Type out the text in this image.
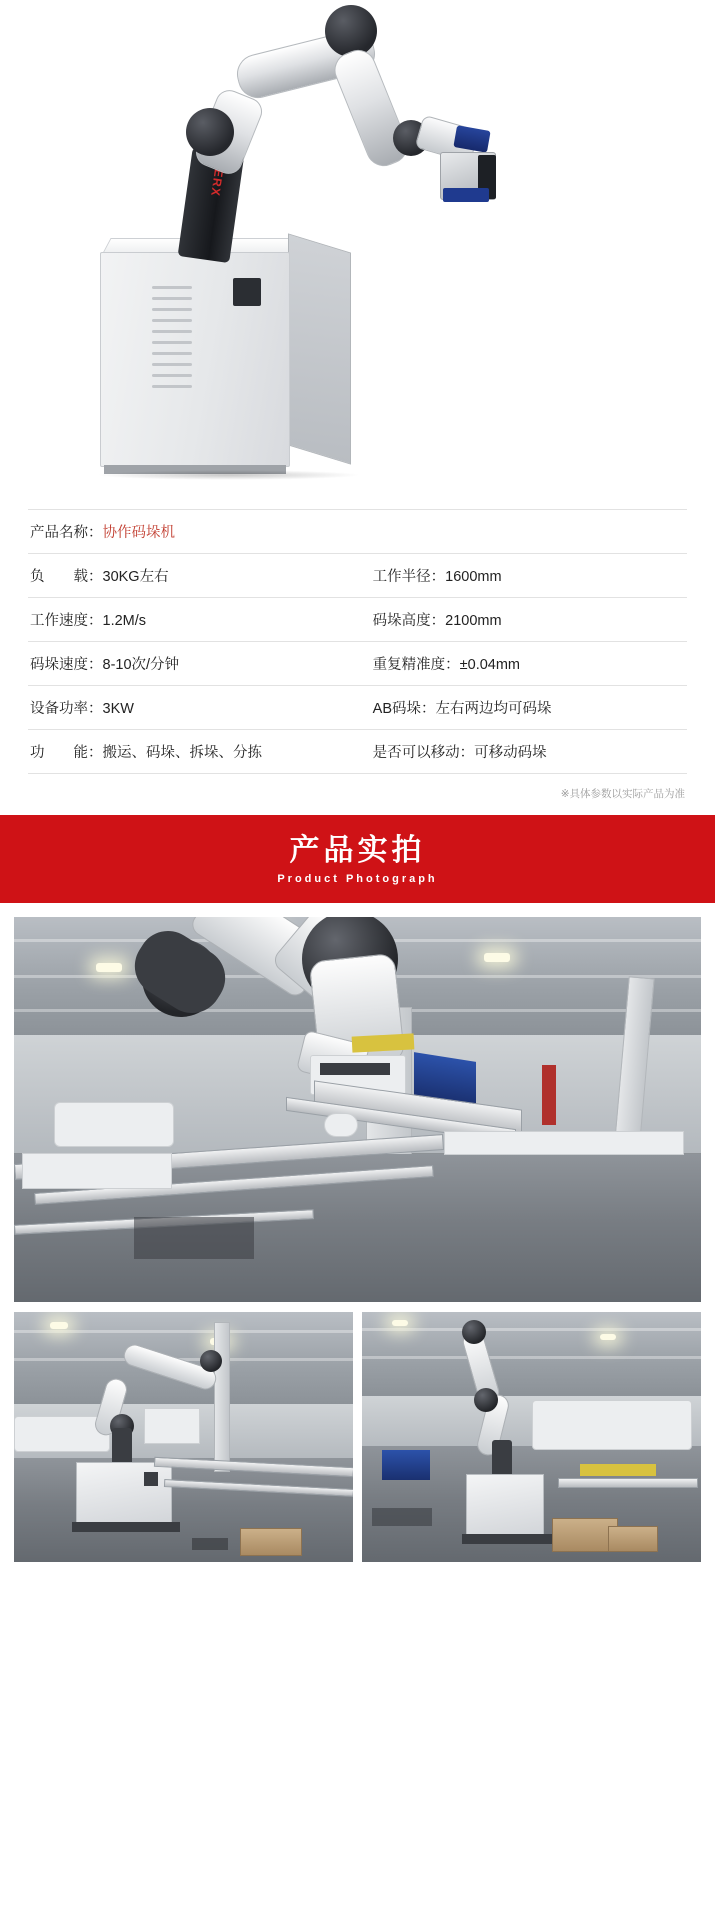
产品名称：协作码垛机	
负　　载：30KG左右	工作半径：1600mm
工作速度：1.2M/s	码垛高度：2100mm
码垛速度：8-10次/分钟	重复精准度：±0.04mm
设备功率：3KW	AB码垛：左右两边均可码垛
功　　能：搬运、码垛、拆垛、分拣	是否可以移动：可移动码垛
※具体参数以实际产品为准
产品实拍
Product Photograph
